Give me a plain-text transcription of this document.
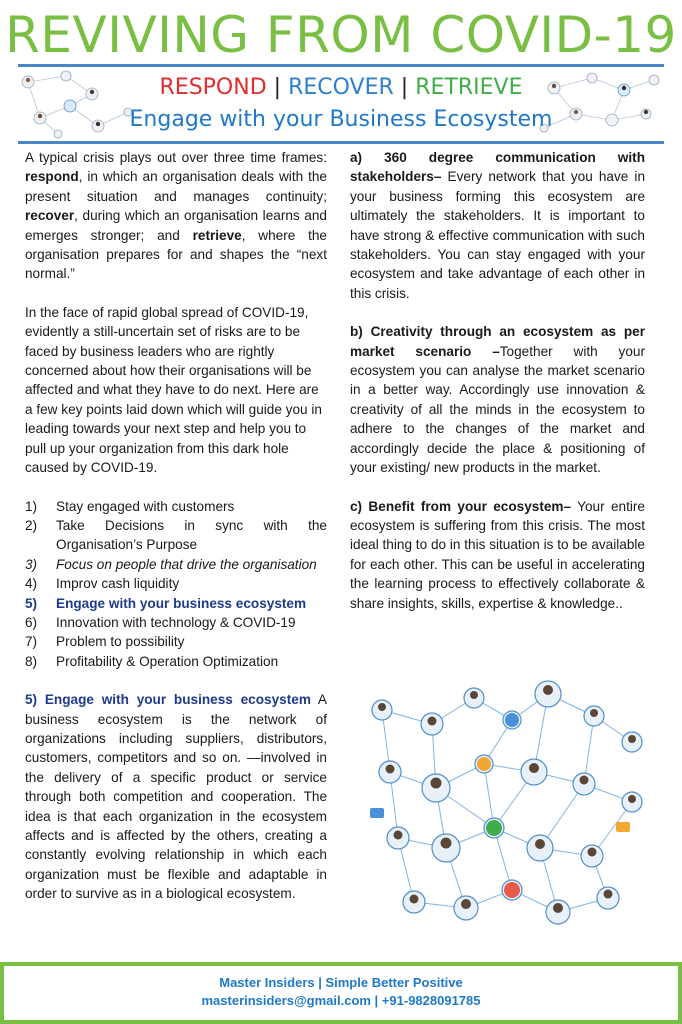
REVIVING FROM COVID-19
RESPOND | RECOVER | RETRIEVE
Engage with your Business Ecosystem

A typical crisis plays out over three time frames: respond, in which an organisation deals with the present situation and manages continuity; recover, during which an organisation learns and emerges stronger; and retrieve, where the organisation prepares for and shapes the “next normal.”

In the face of rapid global spread of COVID-19, evidently a still-uncertain set of risks are to be faced by business leaders who are rightly concerned about how their organisations will be affected and what they have to do next. Here are a few key points laid down which will guide you in leading towards your next step and help you to pull up your organization from this dark hole caused by COVID-19.

1)	Stay engaged with customers
2)	Take Decisions in sync with the Organisation’s Purpose
3)	Focus on people that drive the organisation
4)	Improv cash liquidity
5)	Engage with your business ecosystem
6)	Innovation with technology & COVID-19
7)	Problem to possibility
8)	Profitability & Operation Optimization

5) Engage with your business ecosystem A business ecosystem is the network of organizations including suppliers, distributors, customers, competitors and so on. —involved in the delivery of a specific product or service through both competition and cooperation. The idea is that each organization in the ecosystem affects and is affected by the others, creating a constantly evolving relationship in which each organization must be flexible and adaptable in order to survive as in a biological ecosystem.

a) 360 degree communication with stakeholders– Every network that you have in your business forming this ecosystem are ultimately the stakeholders. It is important to have strong & effective communication with such stakeholders. You can stay engaged with your ecosystem and take advantage of each other in this crisis.

b) Creativity through an ecosystem as per market scenario –Together with your ecosystem you can analyse the market scenario in a better way. Accordingly use innovation & creativity of all the minds in the ecosystem to adhere to the changes of the market and accordingly decide the place & positioning of your existing/ new products in the market.

c) Benefit from your ecosystem– Your entire ecosystem is suffering from this crisis. The most ideal thing to do in this situation is to be available for each other. This can be useful in accelerating the learning process to effectively collaborate & share insights, skills, expertise & knowledge..

Master Insiders | Simple Better Positive
masterinsiders@gmail.com | +91-9828091785
